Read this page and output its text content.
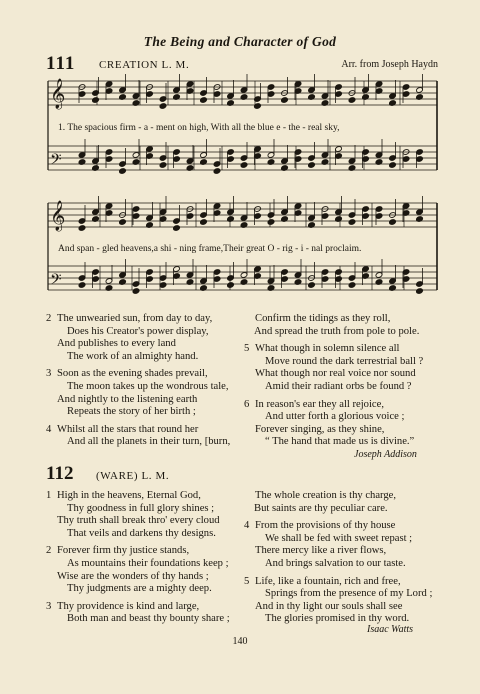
The Being and Character of God
111 CREATION L. M.	Arr. from Joseph Haydn
𝄞
𝄢
𝄞
𝄢
1. The spacious firm - a - ment on high, With all the blue e - the - real sky,
And span - gled heavens,a shi - ning frame,Their great O - rig - i - nal proclaim.
2 The unwearied sun, from day to day,
Does his Creator's power display,
And publishes to every land
The work of an almighty hand.
3 Soon as the evening shades prevail,
The moon takes up the wondrous tale,
And nightly to the listening earth
Repeats the story of her birth ;
4 Whilst all the stars that round her
And all the planets in their turn, [burn,
Confirm the tidings as they roll,
And spread the truth from pole to pole.
5 What though in solemn silence all
Move round the dark terrestrial ball ?
What though nor real voice nor sound
Amid their radiant orbs be found ?
6 In reason's ear they all rejoice,
And utter forth a glorious voice ;
Forever singing, as they shine,
“ The hand that made us is divine.”
Joseph Addison
112 (WARE) L. M.
1 High in the heavens, Eternal God,
Thy goodness in full glory shines ;
Thy truth shall break thro' every cloud
That veils and darkens thy designs.
2 Forever firm thy justice stands,
As mountains their foundations keep ;
Wise are the wonders of thy hands ;
Thy judgments are a mighty deep.
3 Thy providence is kind and large,
Both man and beast thy bounty share ;
The whole creation is thy charge,
But saints are thy peculiar care.
4 From the provisions of thy house
We shall be fed with sweet repast ;
There mercy like a river flows,
And brings salvation to our taste.
5 Life, like a fountain, rich and free,
Springs from the presence of my Lord ;
And in thy light our souls shall see
The glories promised in thy word.
Isaac Watts
140
